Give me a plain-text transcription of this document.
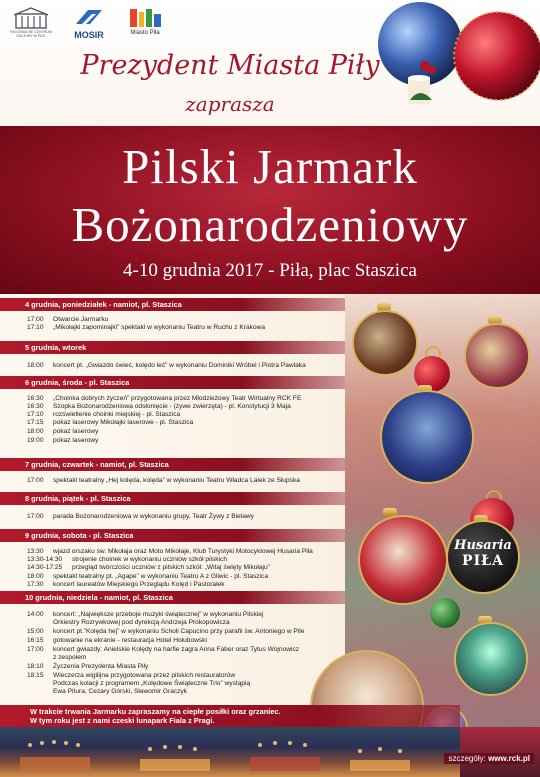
REGIONALNE CENTRUM KULTURY W PILE	MOSIR	Miasto Piła
Prezydent Miasta Piły
zaprasza
Pilski Jarmark
Bożonarodzeniowy
4-10 grudnia 2017 - Piła, plac Staszica
Husaria
PIŁA
4 grudnia, poniedziałek - namiot, pl. Staszica
17:00 Otwarcie Jarmarku
17:10 „Mikołajki zapominajki” spektakl w wykonaniu Teatru w Ruchu z Krakowa
5 grudnia, wtorek
18:00 koncert pt. „Gwiazdo świeć, kolędo leć” w wykonaniu Dominiki Wróbel i Piotra Pawlaka
6 grudnia, środa - pl. Staszica
16:30 „Choinka dobrych życzeń” przygotowana przez Młodzieżowy Teatr Wirtualny RCK FE
16:30 Szopka Bożonarodzeniowa odsłonięcie - (żywe zwierzęta) - pl. Konstytucji 3 Maja
17:10 rozświetlenie choinki miejskiej - pl. Staszica
17:15 pokaz laserowy Mikołajki laserowe - pl. Staszica
18:00 pokaz laserowy
19:00 pokaz laserowy
7 grudnia, czwartek - namiot, pl. Staszica
17:00 spektakl teatralny „Hej kolęda, kolęda” w wykonaniu Teatru Władca Lalek ze Słupska
8 grudnia, piątek - pl. Staszica
17:00 parada Bożonarodzeniowa w wykonaniu grupy, Teatr Żywy z Bielawy
9 grudnia, sobota - pl. Staszica
13:30 wjazd orszaku św. Mikołaja oraz Moto Mikołaje, Klub Turystyki Motocyklowej Husaria Piła
13:30-14:30 strojenie choinek w wykonaniu uczniów szkół pilskich
14:30-17:25 przegląd twórczości uczniów z pilskich szkół: „Witaj święty Mikołaju”
18:00 spektakl teatralny pt. „Agape” w wykonaniu Teatru A z Gliwic - pl. Staszica
17:30 koncert laureatów Miejskiego Przeglądu Kolęd i Pastorałek
10 grudnia, niedziela - namiot, pl. Staszica
14:00 koncert: „Największe przeboje muzyki świątecznej” w wykonaniu Pilskiej
Orkiestry Rozrywkowej pod dyrekcją Andrzeja Prokopowicza
15:00 koncert pt.”Kolęda hej” w wykonaniu Scholi Capucino przy parafii św. Antoniego w Pile
16:15 gotowanie na ekranie - restauracja Hotel Hołubowski
17:00 koncert gwiazdy: Anielskie Kolędy na harfie zagra Anna Faber oraz Tytus Wojnowicz
z zespołem
18:10 Życzenia Prezydenta Miasta Piły
18:15 Wieczerza wigilijna przygotowana przez pilskich restauratorów
Podczas kolacji z programem „Kolędowe Świąteczne Trio” wystąpią
Ewa Pitura, Cezary Górski, Sławomir Graczyk
W trakcie trwania Jarmarku zapraszamy na ciepłe posiłki oraz grzaniec.
W tym roku jest z nami czeski lunapark Fiala z Pragi.
szczegóły: www.rck.pl
